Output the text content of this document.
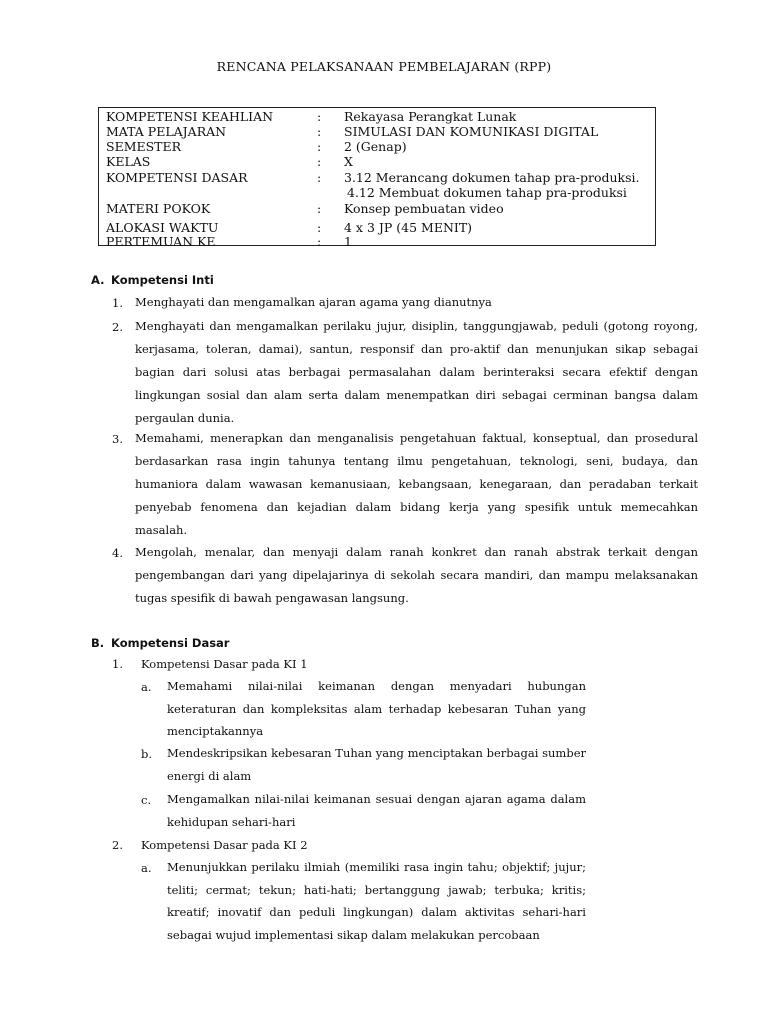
RENCANA PELAKSANAAN PEMBELAJARAN (RPP)
KOMPETENSI KEAHLIAN	: Rekayasa Perangkat Lunak
MATA PELAJARAN	: SIMULASI DAN KOMUNIKASI DIGITAL
SEMESTER	: 2 (Genap)
KELAS	: X
KOMPETENSI DASAR	: 3.12 Merancang dokumen tahap pra-produksi.
4.12 Membuat dokumen tahap pra-produksi
MATERI POKOK	: Konsep pembuatan video
ALOKASI WAKTU	: 4 x 3 JP (45 MENIT)
PERTEMUAN KE	: 1
A. Kompetensi Inti
1. Menghayati dan mengamalkan ajaran agama yang dianutnya
2. Menghayati dan mengamalkan perilaku jujur, disiplin, tanggungjawab, peduli (gotong royong, kerjasama, toleran, damai), santun, responsif dan pro-aktif dan menunjukan sikap sebagai bagian dari solusi atas berbagai permasalahan dalam berinteraksi secara efektif dengan lingkungan sosial dan alam serta dalam menempatkan diri sebagai cerminan bangsa dalam pergaulan dunia.
3. Memahami, menerapkan dan menganalisis pengetahuan faktual, konseptual, dan prosedural berdasarkan rasa ingin tahunya tentang ilmu pengetahuan, teknologi, seni, budaya, dan humaniora dalam wawasan kemanusiaan, kebangsaan, kenegaraan, dan peradaban terkait penyebab fenomena dan kejadian dalam bidang kerja yang spesifik untuk memecahkan masalah.
4. Mengolah, menalar, dan menyaji dalam ranah konkret dan ranah abstrak terkait dengan pengembangan dari yang dipelajarinya di sekolah secara mandiri, dan mampu melaksanakan tugas spesifik di bawah pengawasan langsung.
B. Kompetensi Dasar
1. Kompetensi Dasar pada KI 1
a. Memahami nilai-nilai keimanan dengan menyadari hubungan keteraturan dan kompleksitas alam terhadap kebesaran Tuhan yang menciptakannya
b. Mendeskripsikan kebesaran Tuhan yang menciptakan berbagai sumber energi di alam
c. Mengamalkan nilai-nilai keimanan sesuai dengan ajaran agama dalam kehidupan sehari-hari
2. Kompetensi Dasar pada KI 2
a. Menunjukkan perilaku ilmiah (memiliki rasa ingin tahu; objektif; jujur; teliti; cermat; tekun; hati-hati; bertanggung jawab; terbuka; kritis; kreatif; inovatif dan peduli lingkungan) dalam aktivitas sehari-hari sebagai wujud implementasi sikap dalam melakukan percobaan
